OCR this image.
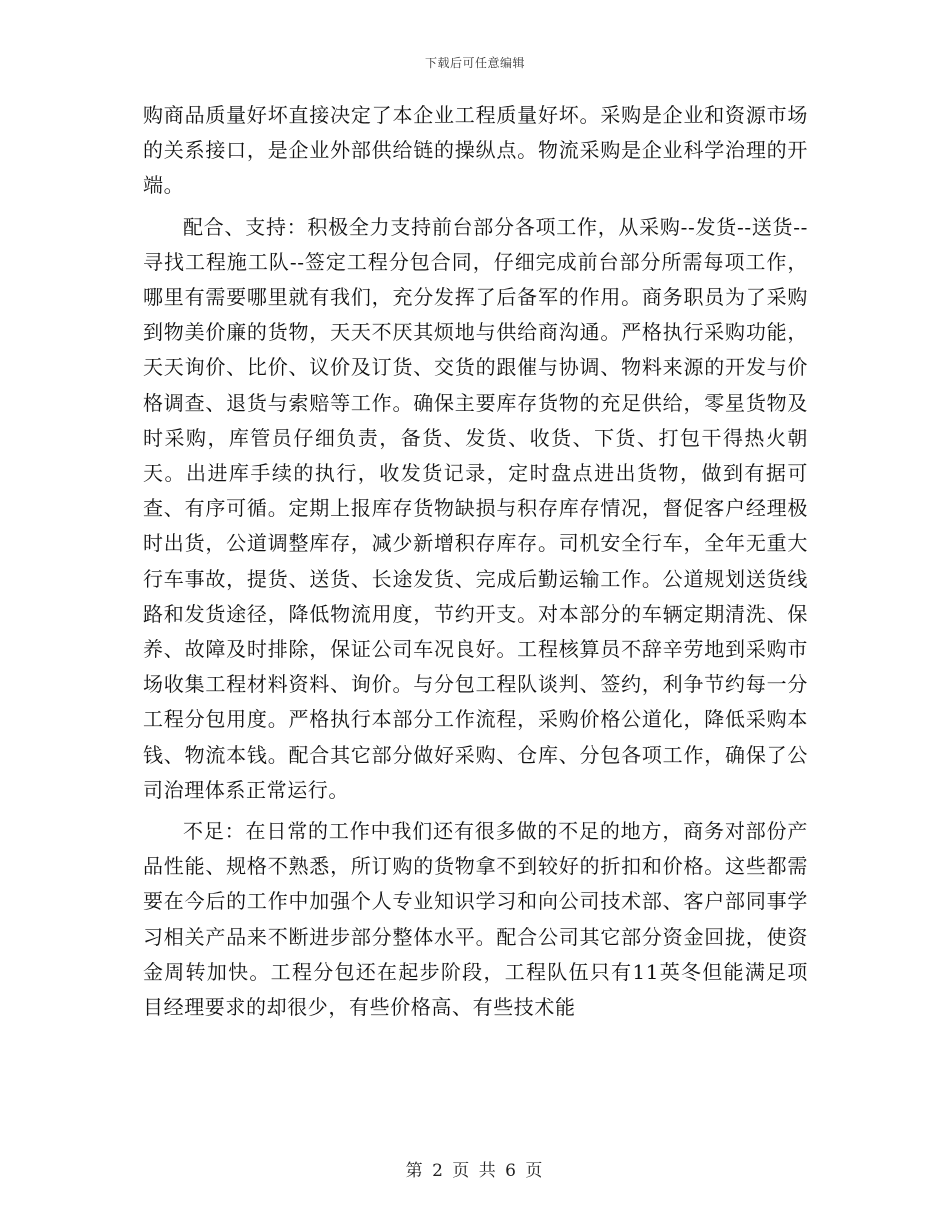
下载后可任意编辑

购商品质量好坏直接决定了本企业工程质量好坏。采购是企业和资源市场的关系接口，是企业外部供给链的操纵点。物流采购是企业科学治理的开端。

配合、支持：积极全力支持前台部分各项工作，从采购--发货--送货--寻找工程施工队--签定工程分包合同，仔细完成前台部分所需每项工作，哪里有需要哪里就有我们，充分发挥了后备军的作用。商务职员为了采购到物美价廉的货物，天天不厌其烦地与供给商沟通。严格执行采购功能，天天询价、比价、议价及订货、交货的跟催与协调、物料来源的开发与价格调查、退货与索赔等工作。确保主要库存货物的充足供给，零星货物及时采购，库管员仔细负责，备货、发货、收货、下货、打包干得热火朝天。出进库手续的执行，收发货记录，定时盘点进出货物，做到有据可查、有序可循。定期上报库存货物缺损与积存库存情况，督促客户经理极时出货，公道调整库存，减少新增积存库存。司机安全行车，全年无重大行车事故，提货、送货、长途发货、完成后勤运输工作。公道规划送货线路和发货途径，降低物流用度，节约开支。对本部分的车辆定期清洗、保养、故障及时排除，保证公司车况良好。工程核算员不辞辛劳地到采购市场收集工程材料资料、询价。与分包工程队谈判、签约，利争节约每一分工程分包用度。严格执行本部分工作流程，采购价格公道化，降低采购本钱、物流本钱。配合其它部分做好采购、仓库、分包各项工作，确保了公司治理体系正常运行。

不足：在日常的工作中我们还有很多做的不足的地方，商务对部份产品性能、规格不熟悉，所订购的货物拿不到较好的折扣和价格。这些都需要在今后的工作中加强个人专业知识学习和向公司技术部、客户部同事学习相关产品来不断进步部分整体水平。配合公司其它部分资金回拢，使资金周转加快。工程分包还在起步阶段，工程队伍只有11英冬但能满足项目经理要求的却很少，有些价格高、有些技术能

第 2 页 共 6 页
